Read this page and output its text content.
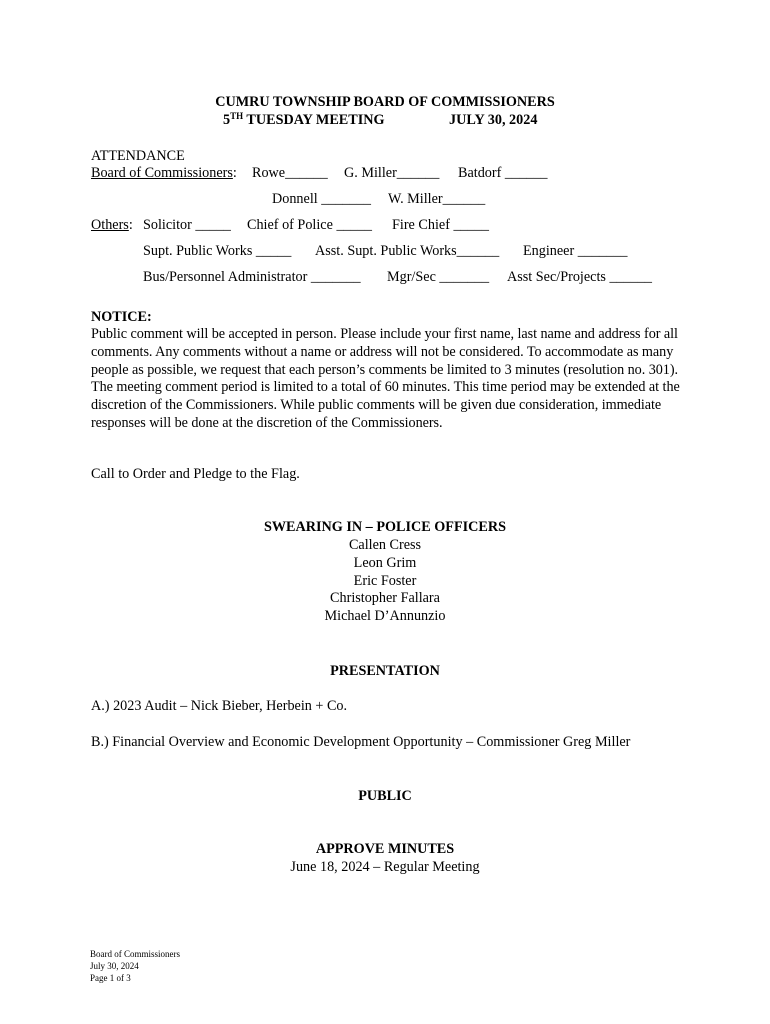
CUMRU TOWNSHIP BOARD OF COMMISSIONERS
5TH TUESDAY MEETING	JULY 30, 2024
ATTENDANCE
Board of Commissioners: Rowe______ G. Miller______ Batdorf ______
Donnell _______ W. Miller______
Others: Solicitor _____ Chief of Police _____ Fire Chief _____
Supt. Public Works _____ Asst. Supt. Public Works______ Engineer _______
Bus/Personnel Administrator _______ Mgr/Sec _______ Asst Sec/Projects ______
NOTICE:
Public comment will be accepted in person. Please include your first name, last name and address for all comments. Any comments without a name or address will not be considered. To accommodate as many people as possible, we request that each person’s comments be limited to 3 minutes (resolution no. 301). The meeting comment period is limited to a total of 60 minutes. This time period may be extended at the discretion of the Commissioners. While public comments will be given due consideration, immediate responses will be done at the discretion of the Commissioners.
Call to Order and Pledge to the Flag.
SWEARING IN – POLICE OFFICERS
Callen Cress
Leon Grim
Eric Foster
Christopher Fallara
Michael D’Annunzio
PRESENTATION
A.) 2023 Audit – Nick Bieber, Herbein + Co.
B.) Financial Overview and Economic Development Opportunity – Commissioner Greg Miller
PUBLIC
APPROVE MINUTES
June 18, 2024 – Regular Meeting
Board of Commissioners
July 30, 2024
Page 1 of 3
